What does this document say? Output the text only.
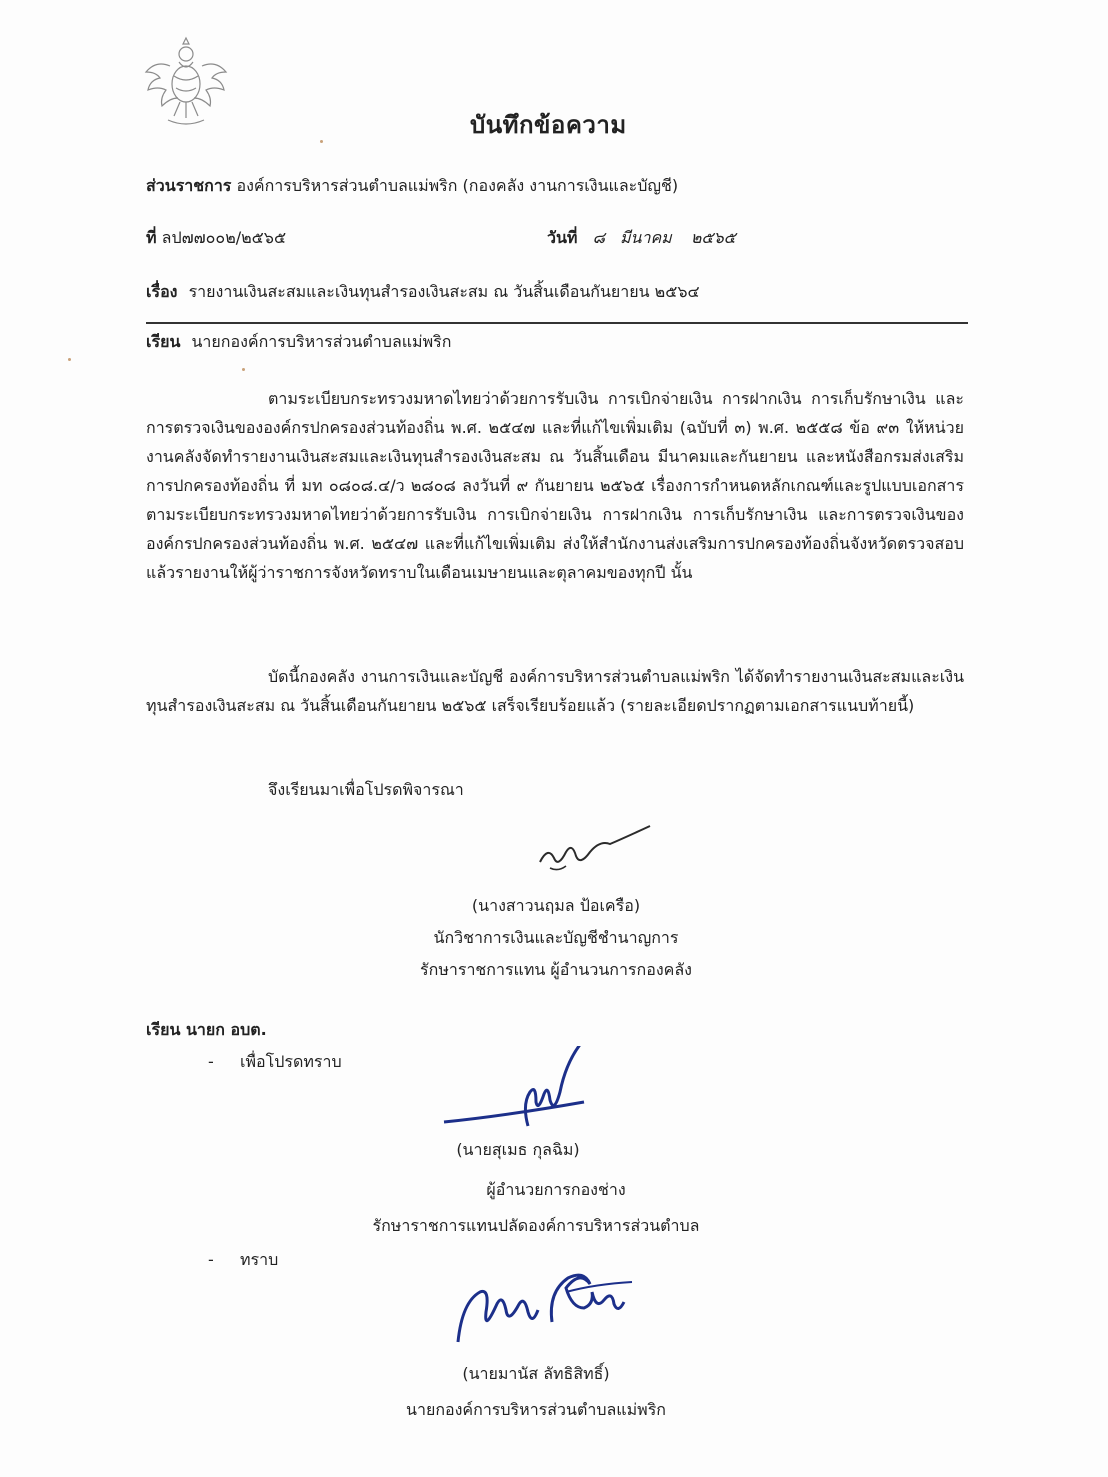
บันทึกข้อความ
ส่วนราชการ องค์การบริหารส่วนตำบลแม่พริก (กองคลัง งานการเงินและบัญชี)
ที่ ลป๗๗๐๐๒/๒๕๖๕	วันที่ ๘ มีนาคม ๒๕๖๕
เรื่อง รายงานเงินสะสมและเงินทุนสำรองเงินสะสม ณ วันสิ้นเดือนกันยายน ๒๕๖๔
เรียน นายกองค์การบริหารส่วนตำบลแม่พริก
ตามระเบียบกระทรวงมหาดไทยว่าด้วยการรับเงิน การเบิกจ่ายเงิน การฝากเงิน การเก็บรักษาเงิน และการตรวจเงินขององค์กรปกครองส่วนท้องถิ่น พ.ศ. ๒๕๔๗ และที่แก้ไขเพิ่มเติม (ฉบับที่ ๓) พ.ศ. ๒๕๕๘ ข้อ ๙๓ ให้หน่วยงานคลังจัดทำรายงานเงินสะสมและเงินทุนสำรองเงินสะสม ณ วันสิ้นเดือน มีนาคมและกันยายน และหนังสือกรมส่งเสริมการปกครองท้องถิ่น ที่ มท ๐๘๐๘.๔/ว ๒๘๐๘ ลงวันที่ ๙ กันยายน ๒๕๖๕ เรื่องการกำหนดหลักเกณฑ์และรูปแบบเอกสารตามระเบียบกระทรวงมหาดไทยว่าด้วยการรับเงิน การเบิกจ่ายเงิน การฝากเงิน การเก็บรักษาเงิน และการตรวจเงินขององค์กรปกครองส่วนท้องถิ่น พ.ศ. ๒๕๔๗ และที่แก้ไขเพิ่มเติม ส่งให้สำนักงานส่งเสริมการปกครองท้องถิ่นจังหวัดตรวจสอบแล้วรายงานให้ผู้ว่าราชการจังหวัดทราบในเดือนเมษายนและตุลาคมของทุกปี นั้น
บัดนี้กองคลัง งานการเงินและบัญชี องค์การบริหารส่วนตำบลแม่พริก ได้จัดทำรายงานเงินสะสมและเงินทุนสำรองเงินสะสม ณ วันสิ้นเดือนกันยายน ๒๕๖๕ เสร็จเรียบร้อยแล้ว (รายละเอียดปรากฏตามเอกสารแนบท้ายนี้)
จึงเรียนมาเพื่อโปรดพิจารณา
(นางสาวนฤมล ป้อเครือ)
นักวิชาการเงินและบัญชีชำนาญการ
รักษาราชการแทน ผู้อำนวนการกองคลัง
เรียน นายก อบต.
- เพื่อโปรดทราบ
(นายสุเมธ กุลฉิม)
ผู้อำนวยการกองช่าง
รักษาราชการแทนปลัดองค์การบริหารส่วนตำบล
- ทราบ
(นายมานัส ลัทธิสิทธิ์)
นายกองค์การบริหารส่วนตำบลแม่พริก
